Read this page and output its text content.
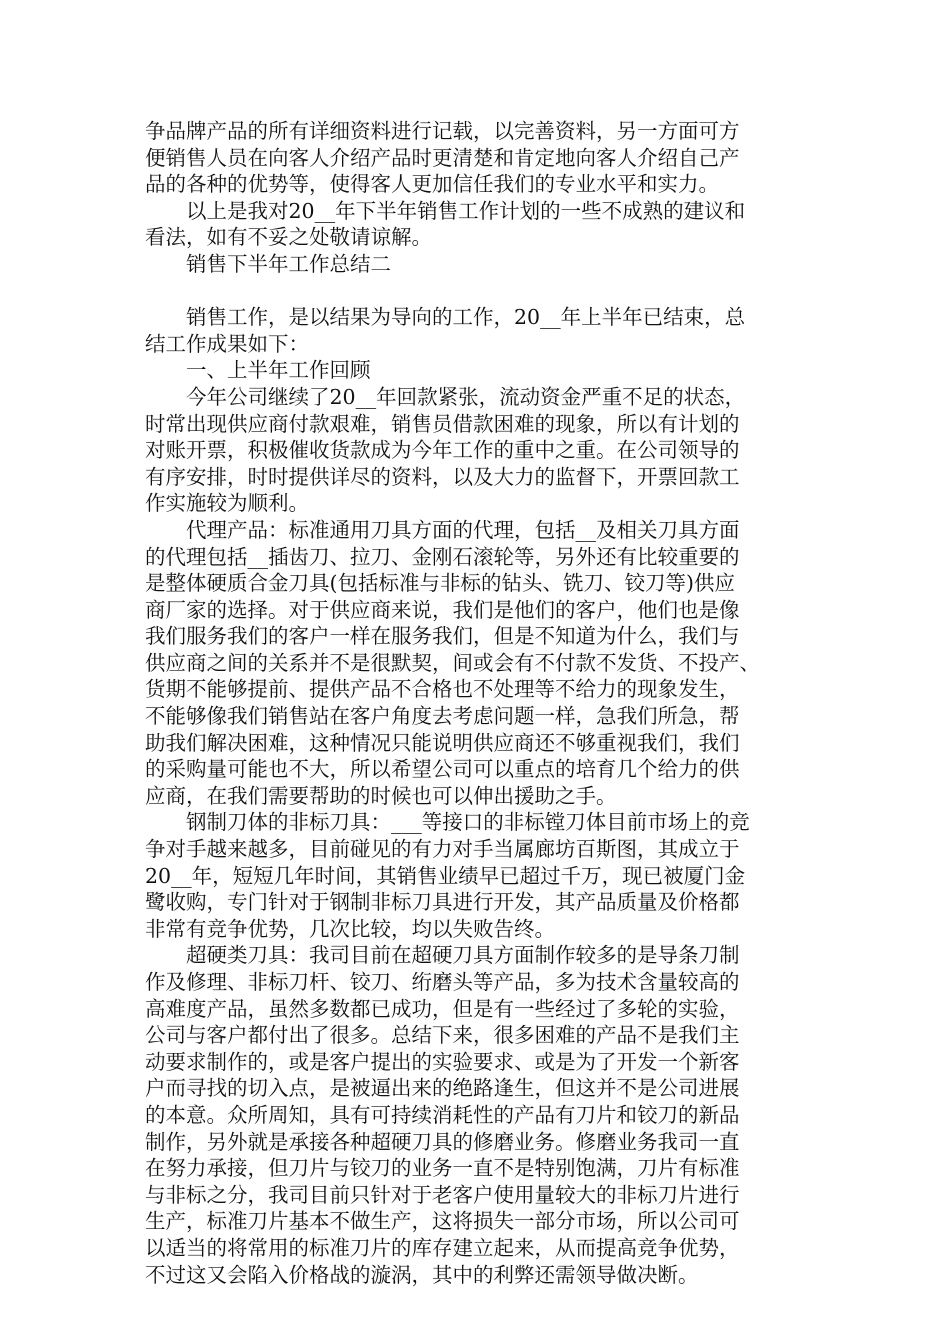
争品牌产品的所有详细资料进行记载，以完善资料，另一方面可方
便销售人员在向客人介绍产品时更清楚和肯定地向客人介绍自己产
品的各种的优势等，使得客人更加信任我们的专业水平和实力。
　　以上是我对20__年下半年销售工作计划的一些不成熟的建议和
看法，如有不妥之处敬请谅解。
　　销售下半年工作总结二
　　销售工作，是以结果为导向的工作，20__年上半年已结束，总
结工作成果如下：
　　一、上半年工作回顾
　　今年公司继续了20__年回款紧张，流动资金严重不足的状态，
时常出现供应商付款艰难，销售员借款困难的现象，所以有计划的
对账开票，积极催收货款成为今年工作的重中之重。在公司领导的
有序安排，时时提供详尽的资料，以及大力的监督下，开票回款工
作实施较为顺利。
　　代理产品：标准通用刀具方面的代理，包括__及相关刀具方面
的代理包括__插齿刀、拉刀、金刚石滚轮等，另外还有比较重要的
是整体硬质合金刀具(包括标准与非标的钻头、铣刀、铰刀等)供应
商厂家的选择。对于供应商来说，我们是他们的客户，他们也是像
我们服务我们的客户一样在服务我们，但是不知道为什么，我们与
供应商之间的关系并不是很默契，间或会有不付款不发货、不投产、
货期不能够提前、提供产品不合格也不处理等不给力的现象发生，
不能够像我们销售站在客户角度去考虑问题一样，急我们所急，帮
助我们解决困难，这种情况只能说明供应商还不够重视我们，我们
的采购量可能也不大，所以希望公司可以重点的培育几个给力的供
应商，在我们需要帮助的时候也可以伸出援助之手。
　　钢制刀体的非标刀具：___等接口的非标镗刀体目前市场上的竞
争对手越来越多，目前碰见的有力对手当属廊坊百斯图，其成立于
20__年，短短几年时间，其销售业绩早已超过千万，现已被厦门金
鹭收购，专门针对于钢制非标刀具进行开发，其产品质量及价格都
非常有竞争优势，几次比较，均以失败告终。
　　超硬类刀具：我司目前在超硬刀具方面制作较多的是导条刀制
作及修理、非标刀杆、铰刀、绗磨头等产品，多为技术含量较高的
高难度产品，虽然多数都已成功，但是有一些经过了多轮的实验，
公司与客户都付出了很多。总结下来，很多困难的产品不是我们主
动要求制作的，或是客户提出的实验要求、或是为了开发一个新客
户而寻找的切入点，是被逼出来的绝路逢生，但这并不是公司进展
的本意。众所周知，具有可持续消耗性的产品有刀片和铰刀的新品
制作，另外就是承接各种超硬刀具的修磨业务。修磨业务我司一直
在努力承接，但刀片与铰刀的业务一直不是特别饱满，刀片有标准
与非标之分，我司目前只针对于老客户使用量较大的非标刀片进行
生产，标准刀片基本不做生产，这将损失一部分市场，所以公司可
以适当的将常用的标准刀片的库存建立起来，从而提高竞争优势，
不过这又会陷入价格战的漩涡，其中的利弊还需领导做决断。
